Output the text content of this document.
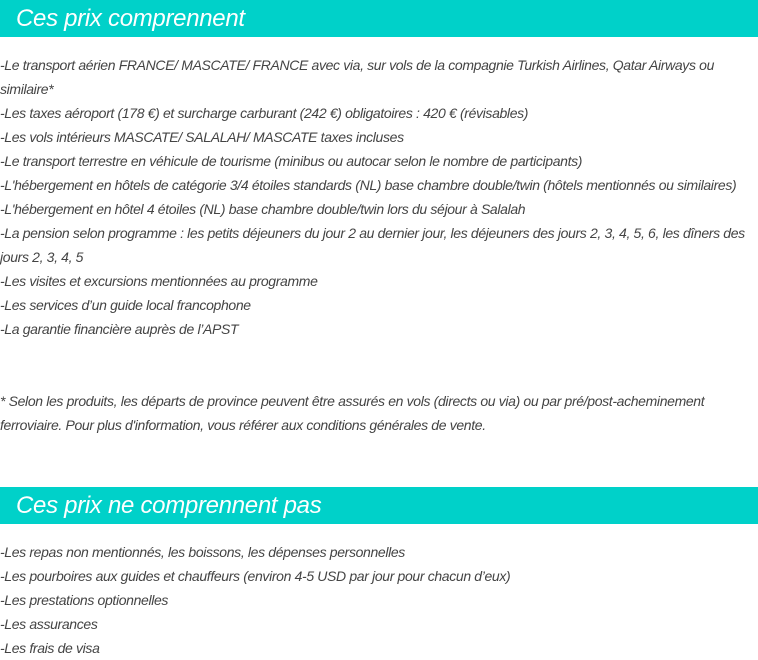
Ces prix comprennent

-Le transport aérien FRANCE/ MASCATE/ FRANCE avec via, sur vols de la compagnie Turkish Airlines, Qatar Airways ou similaire*

-Les taxes aéroport (178 €) et surcharge carburant (242 €) obligatoires : 420 € (révisables)

-Les vols intérieurs MASCATE/ SALALAH/ MASCATE taxes incluses

-Le transport terrestre en véhicule de tourisme (minibus ou autocar selon le nombre de participants)

-L'hébergement en hôtels de catégorie 3/4 étoiles standards (NL) base chambre double/twin (hôtels mentionnés ou similaires)

-L'hébergement en hôtel 4 étoiles (NL) base chambre double/twin lors du séjour à Salalah

-La pension selon programme : les petits déjeuners du jour 2 au dernier jour, les déjeuners des jours 2, 3, 4, 5, 6, les dîners des jours 2, 3, 4, 5

-Les visites et excursions mentionnées au programme

-Les services d’un guide local francophone

-La garantie financière auprès de l’APST

* Selon les produits, les départs de province peuvent être assurés en vols (directs ou via) ou par pré/post-acheminement ferroviaire. Pour plus d'information, vous référer aux conditions générales de vente.

Ces prix ne comprennent pas

-Les repas non mentionnés, les boissons, les dépenses personnelles

-Les pourboires aux guides et chauffeurs (environ 4-5 USD par jour pour chacun d’eux)

-Les prestations optionnelles

-Les assurances

-Les frais de visa
